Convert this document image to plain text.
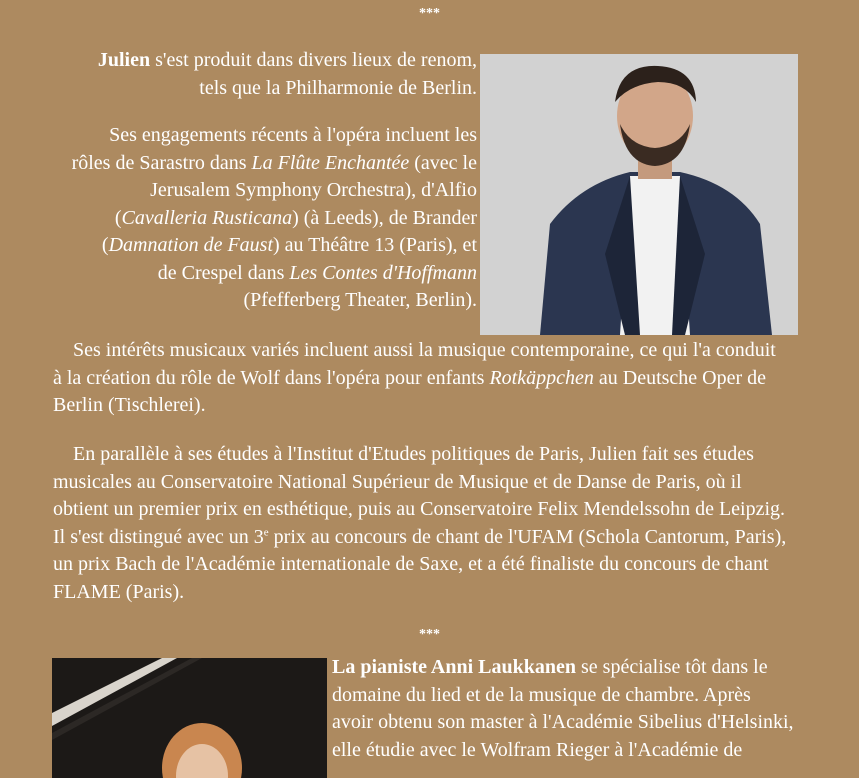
***

Julien s'est produit dans divers lieux de renom,

tels que la Philharmonie de Berlin.

Ses engagements récents à l'opéra incluent les

rôles de Sarastro dans La Flûte Enchantée (avec le

Jerusalem Symphony Orchestra), d'Alfio

(Cavalleria Rusticana) (à Leeds), de Brander

(Damnation de Faust) au Théâtre 13 (Paris), et

de Crespel dans Les Contes d'Hoffmann

(Pfefferberg Theater, Berlin).

Ses intérêts musicaux variés incluent aussi la musique contemporaine, ce qui l'a conduit

à la création du rôle de Wolf dans l'opéra pour enfants Rotkäppchen au Deutsche Oper de

Berlin (Tischlerei).

En parallèle à ses études à l'Institut d'Etudes politiques de Paris, Julien fait ses études

musicales au Conservatoire National Supérieur de Musique et de Danse de Paris, où il

obtient un premier prix en esthétique, puis au Conservatoire Felix Mendelssohn de Leipzig.

Il s'est distingué avec un 3e prix au concours de chant de l'UFAM (Schola Cantorum, Paris),

un prix Bach de l'Académie internationale de Saxe, et a été finaliste du concours de chant

FLAME (Paris).

***

La pianiste Anni Laukkanen se spécialise tôt dans le

domaine du lied et de la musique de chambre. Après

avoir obtenu son master à l'Académie Sibelius d'Helsinki,

elle étudie avec le Wolfram Rieger à l'Académie de
